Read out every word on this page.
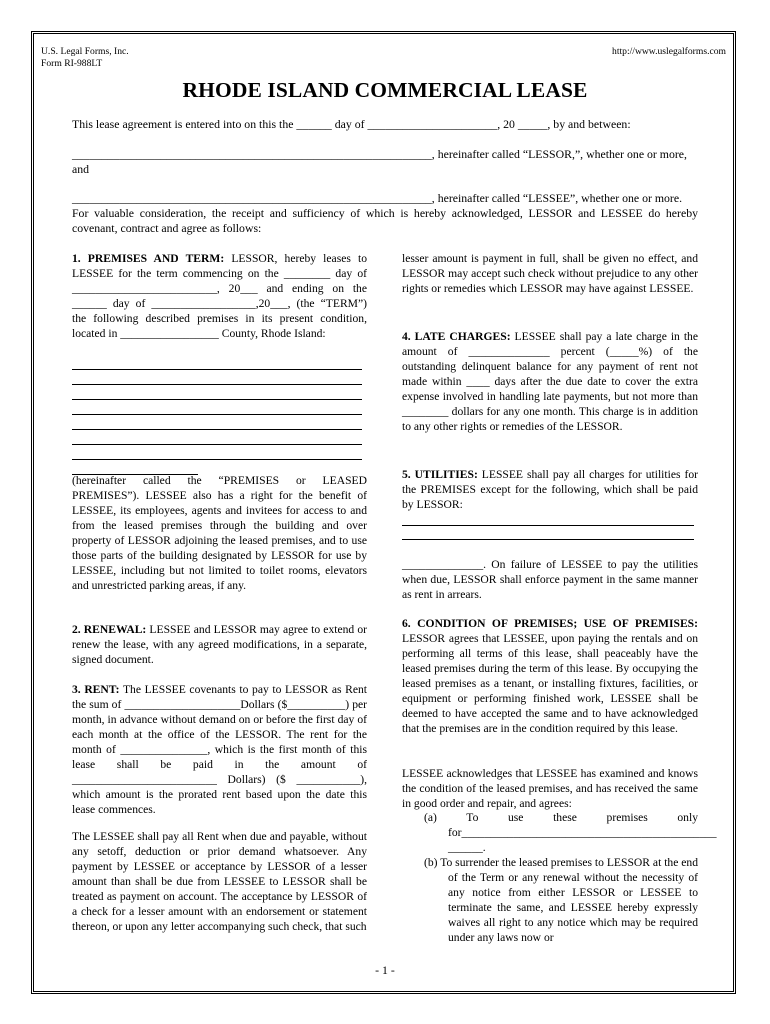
U.S. Legal Forms, Inc.
Form RI-988LT
http://www.uslegalforms.com
RHODE ISLAND COMMERCIAL LEASE
This lease agreement is entered into on this the ______ day of ______________________, 20 _____, by and between:
_____________________________________________________________, hereinafter called “LESSOR,”, whether one or more,
and
_____________________________________________________________, hereinafter called “LESSEE”, whether one or more.
For valuable consideration, the receipt and sufficiency of which is hereby acknowledged, LESSOR and LESSEE do hereby covenant, contract and agree as follows:
1. PREMISES AND TERM: LESSOR, hereby leases to LESSEE for the term commencing on the ________ day of _________________________, 20___ and ending on the ______ day of __________________,20___, (the “TERM”) the following described premises in its present condition, located in _________________ County, Rhode Island:
(hereinafter called the “PREMISES or LEASED PREMISES”). LESSEE also has a right for the benefit of LESSEE, its employees, agents and invitees for access to and from the leased premises through the building and over property of LESSOR adjoining the leased premises, and to use those parts of the building designated by LESSOR for use by LESSEE, including but not limited to toilet rooms, elevators and unrestricted parking areas, if any.
2. RENEWAL: LESSEE and LESSOR may agree to extend or renew the lease, with any agreed modifications, in a separate, signed document.
3. RENT: The LESSEE covenants to pay to LESSOR as Rent the sum of ____________________Dollars ($__________) per month, in advance without demand on or before the first day of each month at the office of the LESSOR. The rent for the month of _______________, which is the first month of this lease shall be paid in the amount of _________________________ Dollars) ($ ___________), which amount is the prorated rent based upon the date this lease commences.
The LESSEE shall pay all Rent when due and payable, without any setoff, deduction or prior demand whatsoever. Any payment by LESSEE or acceptance by LESSOR of a lesser amount than shall be due from LESSEE to LESSOR shall be treated as payment on account. The acceptance by LESSOR of a check for a lesser amount with an endorsement or statement thereon, or upon any letter accompanying such check, that such
lesser amount is payment in full, shall be given no effect, and LESSOR may accept such check without prejudice to any other rights or remedies which LESSOR may have against LESSEE.
4. LATE CHARGES: LESSEE shall pay a late charge in the amount of ______________ percent (_____%) of the outstanding delinquent balance for any payment of rent not made within ____ days after the due date to cover the extra expense involved in handling late payments, but not more than ________ dollars for any one month. This charge is in addition to any other rights or remedies of the LESSOR.
5. UTILITIES: LESSEE shall pay all charges for utilities for the PREMISES except for the following, which shall be paid by LESSOR:
______________. On failure of LESSEE to pay the utilities when due, LESSOR shall enforce payment in the same manner as rent in arrears.
6. CONDITION OF PREMISES; USE OF PREMISES: LESSOR agrees that LESSEE, upon paying the rentals and on performing all terms of this lease, shall peaceably have the leased premises during the term of this lease. By occupying the leased premises as a tenant, or installing fixtures, facilities, or equipment or performing finished work, LESSEE shall be deemed to have accepted the same and to have acknowledged that the premises are in the condition required by this lease.
LESSEE acknowledges that LESSEE has examined and knows the condition of the leased premises, and has received the same in good order and repair, and agrees:
(a) To use these premises only for____________________________________________ ______.
(b) To surrender the leased premises to LESSOR at the end of the Term or any renewal without the necessity of any notice from either LESSOR or LESSEE to terminate the same, and LESSEE hereby expressly waives all right to any notice which may be required under any laws now or
- 1 -
